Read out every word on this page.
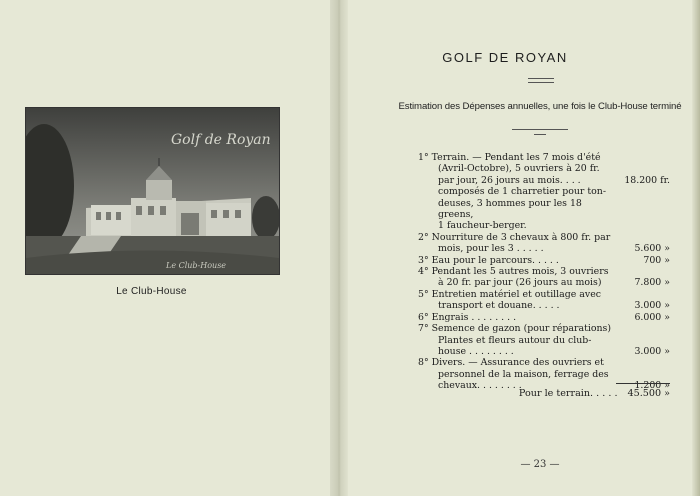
Golf de Royan
Le Club-House
Le Club-House
GOLF DE ROYAN
Estimation des Dépenses annuelles, une fois le Club-House terminé
1° Terrain. — Pendant les 7 mois d'été
(Avril-Octobre), 5 ouvriers à 20 fr.
par jour, 26 jours au mois. . . .	18.200 fr.
composés de 1 charretier pour ton-
deuses, 3 hommes pour les 18 greens,
1 faucheur-berger.
2° Nourriture de 3 chevaux à 800 fr. par
mois, pour les 3 . . . . .	5.600 »
3° Eau pour le parcours. . . . .	700 »
4° Pendant les 5 autres mois, 3 ouvriers
à 20 fr. par jour (26 jours au mois)	7.800 »
5° Entretien matériel et outillage avec
transport et douane. . . . .	3.000 »
6° Engrais . . . . . . . .	6.000 »
7° Semence de gazon (pour réparations)
Plantes et fleurs autour du club-
house . . . . . . . .	3.000 »
8° Divers. — Assurance des ouvriers et
personnel de la maison, ferrage des
chevaux. . . . . . . .	1.200 »
Pour le terrain. . . . . 45.500 »
— 23 —
